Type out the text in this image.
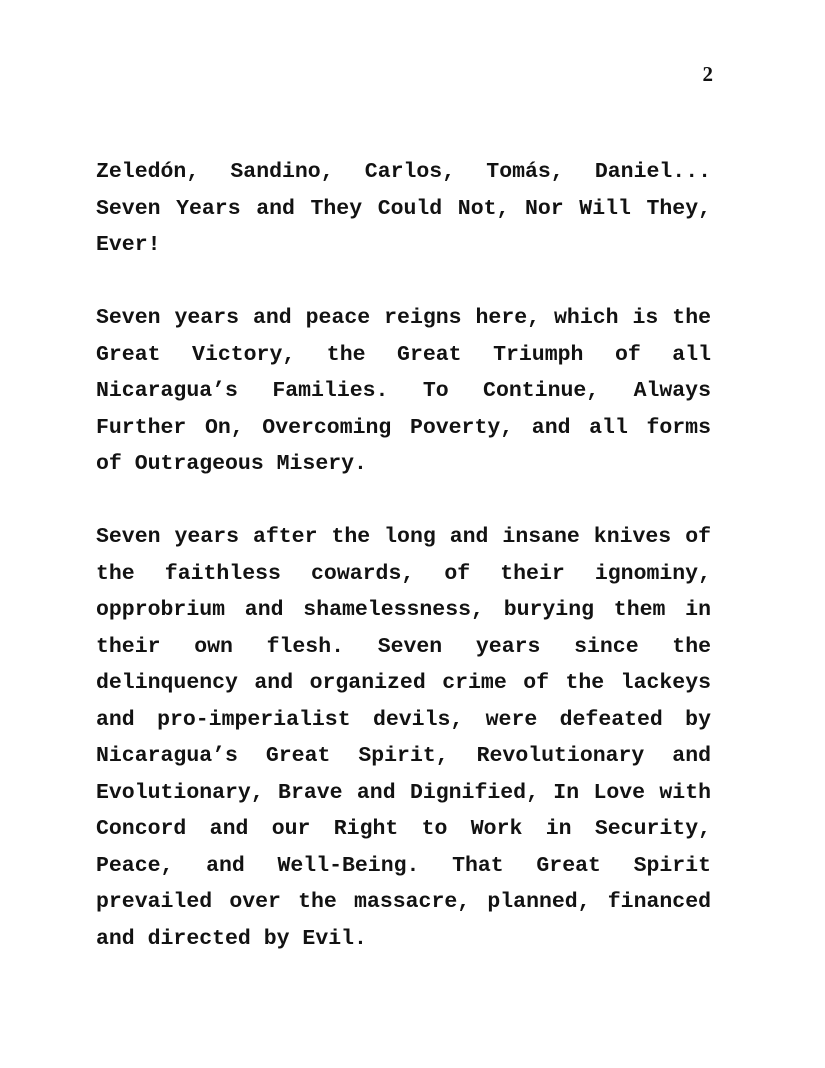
2
Zeledón, Sandino, Carlos, Tomás, Daniel...
Seven Years and They Could Not, Nor Will They,
Ever!
Seven years and peace reigns here, which is the
Great Victory, the Great Triumph of all
Nicaragua’s Families. To Continue, Always
Further On, Overcoming Poverty, and all forms
of Outrageous Misery.
Seven years after the long and insane knives of
the faithless cowards, of their ignominy,
opprobrium and shamelessness, burying them in
their own flesh. Seven years since the
delinquency and organized crime of the lackeys
and pro-imperialist devils, were defeated by
Nicaragua’s Great Spirit, Revolutionary and
Evolutionary, Brave and Dignified, In Love with
Concord and our Right to Work in Security,
Peace, and Well-Being. That Great Spirit
prevailed over the massacre, planned, financed
and directed by Evil.
